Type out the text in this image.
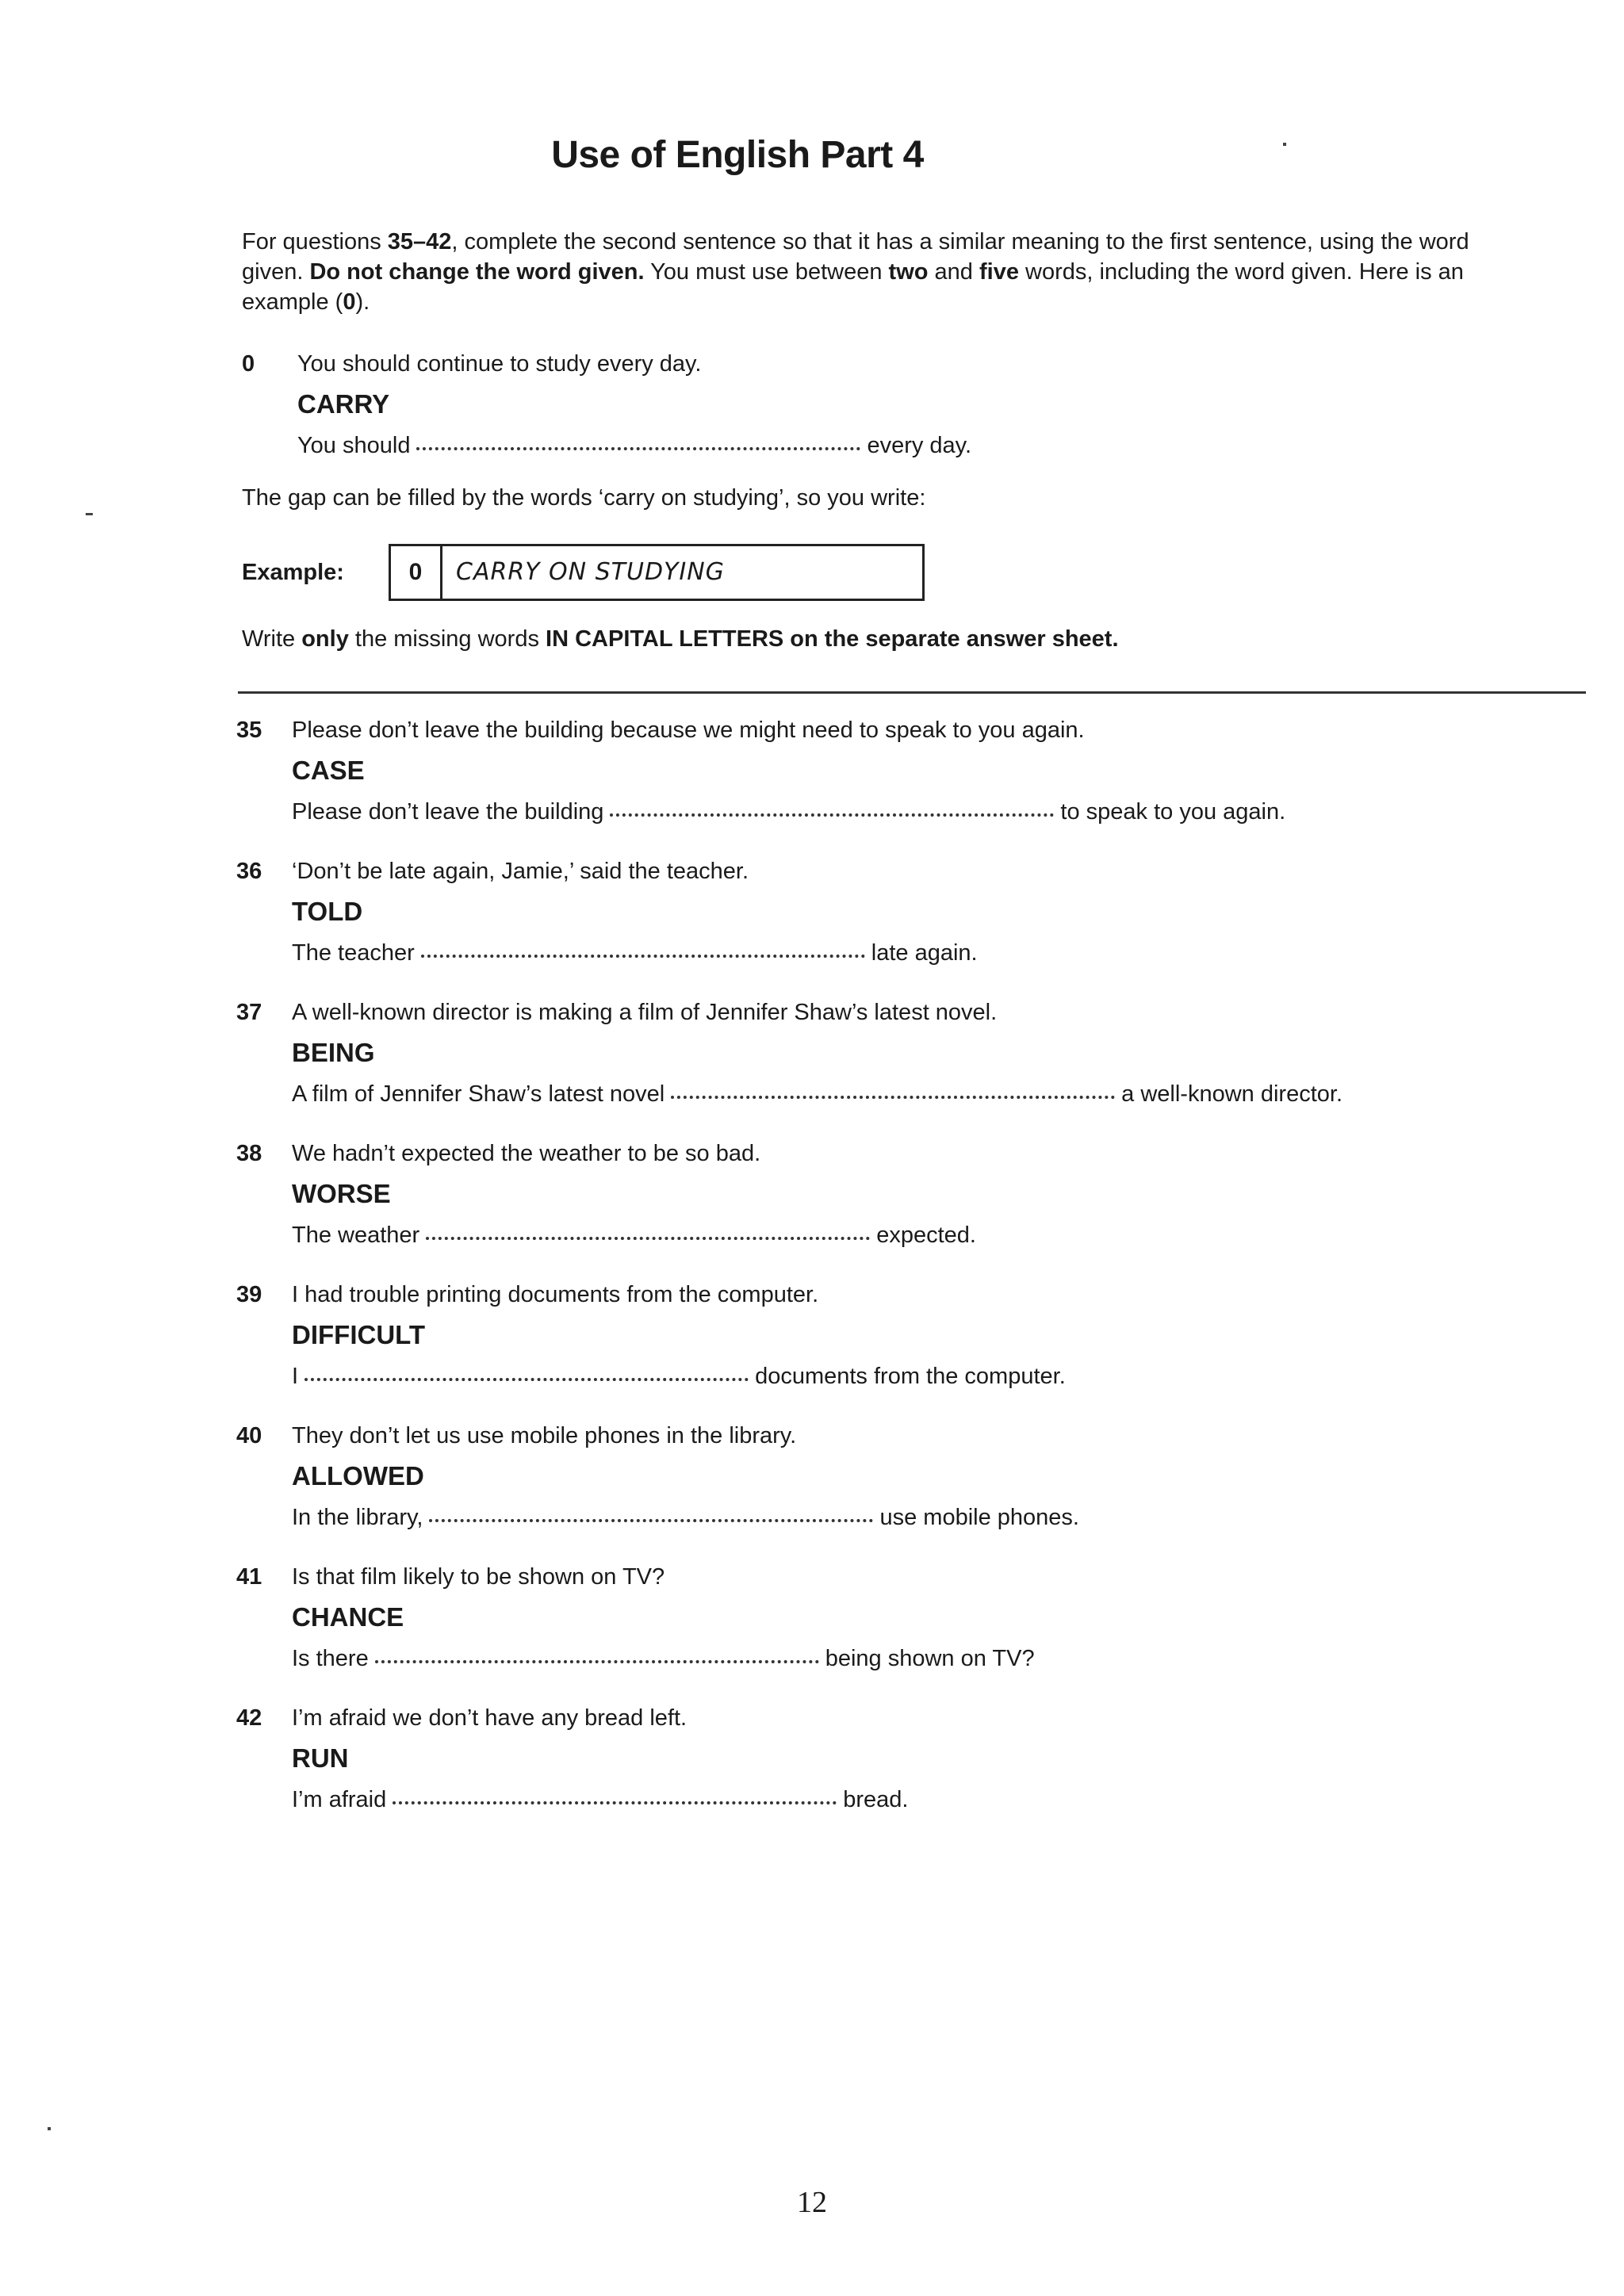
Use of English Part 4
For questions 35–42, complete the second sentence so that it has a similar meaning to the first sentence, using the word given. Do not change the word given. You must use between two and five words, including the word given. Here is an example (0).
0 You should continue to study every day.
CARRY
You should	every day.
The gap can be filled by the words ‘carry on studying’, so you write:
Example:	0	CARRY ON STUDYING
Write only the missing words IN CAPITAL LETTERS on the separate answer sheet.
35 Please don’t leave the building because we might need to speak to you again.
CASE
Please don’t leave the building	to speak to you again.
36 ‘Don’t be late again, Jamie,’ said the teacher.
TOLD
The teacher	late again.
37 A well-known director is making a film of Jennifer Shaw’s latest novel.
BEING
A film of Jennifer Shaw’s latest novel	a well-known director.
38 We hadn’t expected the weather to be so bad.
WORSE
The weather	expected.
39 I had trouble printing documents from the computer.
DIFFICULT
I	documents from the computer.
40 They don’t let us use mobile phones in the library.
ALLOWED
In the library,	use mobile phones.
41 Is that film likely to be shown on TV?
CHANCE
Is there	being shown on TV?
42 I’m afraid we don’t have any bread left.
RUN
I’m afraid	bread.
12
